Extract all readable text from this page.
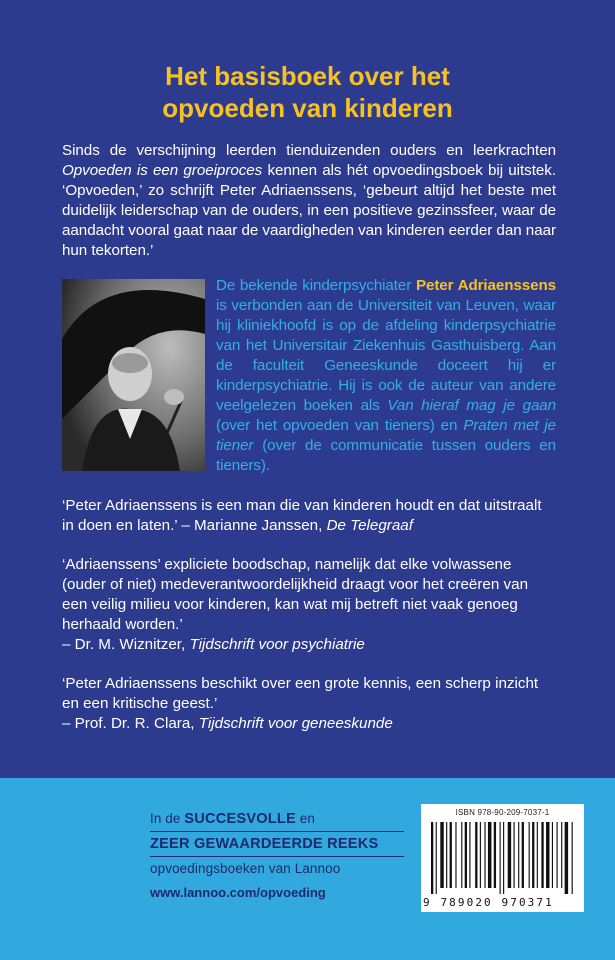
Het basisboek over het
opvoeden van kinderen
Sinds de verschijning leerden tienduizenden ouders en leerkrachten Opvoeden is een groeiproces kennen als hét opvoedingsboek bij uitstek. ‘Opvoeden,’ zo schrijft Peter Adriaenssens, ‘gebeurt altijd het beste met duidelijk leiderschap van de ouders, in een positieve gezinssfeer, waar de aandacht vooral gaat naar de vaardigheden van kinderen eerder dan naar hun tekorten.’
De bekende kinderpsychiater Peter Adriaenssens is verbonden aan de Universiteit van Leuven, waar hij kliniekhoofd is op de afdeling kinderpsychiatrie van het Universitair Ziekenhuis Gasthuisberg. Aan de faculteit Geneeskunde doceert hij er kinderpsychiatrie. Hij is ook de auteur van andere veelgelezen boeken als Van hieraf mag je gaan (over het opvoeden van tieners) en Praten met je tiener (over de communicatie tussen ouders en tieners).
‘Peter Adriaenssens is een man die van kinderen houdt en dat uitstraalt in doen en laten.’ – Marianne Janssen, De Telegraaf
‘Adriaenssens’ expliciete boodschap, namelijk dat elke volwassene (ouder of niet) medeverantwoordelijkheid draagt voor het creëren van een veilig milieu voor kinderen, kan wat mij betreft niet vaak genoeg herhaald worden.’
– Dr. M. Wiznitzer, Tijdschrift voor psychiatrie
‘Peter Adriaenssens beschikt over een grote kennis, een scherp inzicht en een kritische geest.’
– Prof. Dr. R. Clara, Tijdschrift voor geneeskunde
In de SUCCESVOLLE en
ZEER GEWAARDEERDE REEKS
opvoedingsboeken van Lannoo
www.lannoo.com/opvoeding
ISBN 978-90-209-7037-1
9 789020 970371
